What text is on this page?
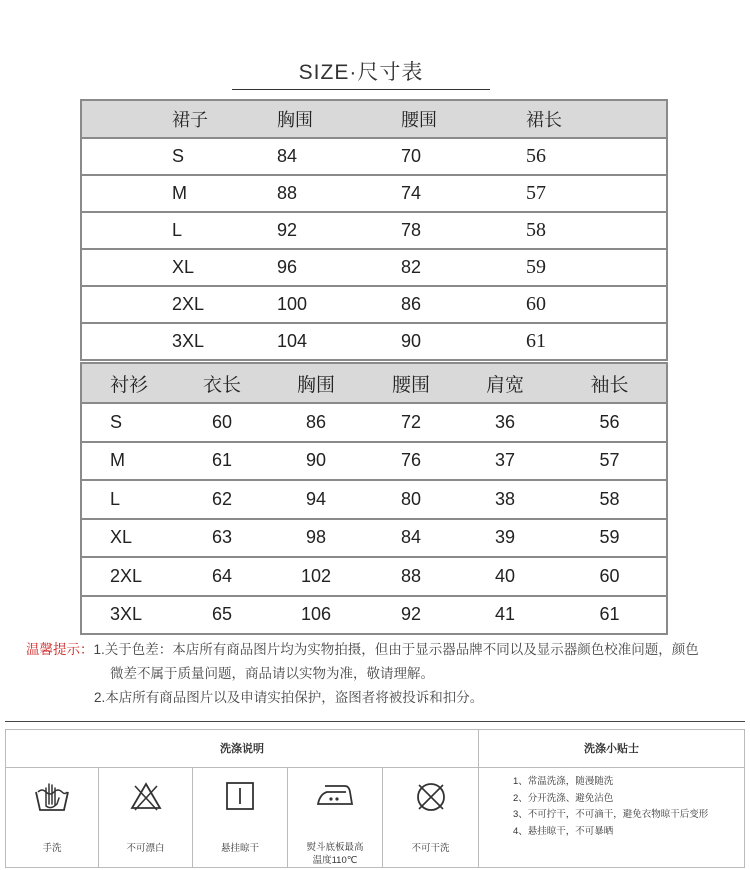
SIZE·尺寸表
裙子	胸围	腰围	裙长
S	84	70	56
M	88	74	57
L	92	78	58
XL	96	82	59
2XL	100	86	60
3XL	104	90	61
衬衫	衣长	胸围	腰围	肩宽	袖长
S	60	86	72	36	56
M	61	90	76	37	57
L	62	94	80	38	58
XL	63	98	84	39	59
2XL	64	102	88	40	60
3XL	65	106	92	41	61
温馨提示：1.关于色差：本店所有商品图片均为实物拍摄，但由于显示器品牌不同以及显示器颜色校准问题，颜色
微差不属于质量问题，商品请以实物为准，敬请理解。
2.本店所有商品图片以及申请实拍保护，盗图者将被投诉和扣分。
洗涤说明	洗涤小贴士
手洗	不可漂白	悬挂晾干	熨斗底板最高
温度110℃
不可干洗
1、常温洗涤，随漫随洗
2、分开洗涤、避免沾色
3、不可拧干，不可滴干，避免衣物晾干后变形
4、悬挂晾干，不可暴晒
